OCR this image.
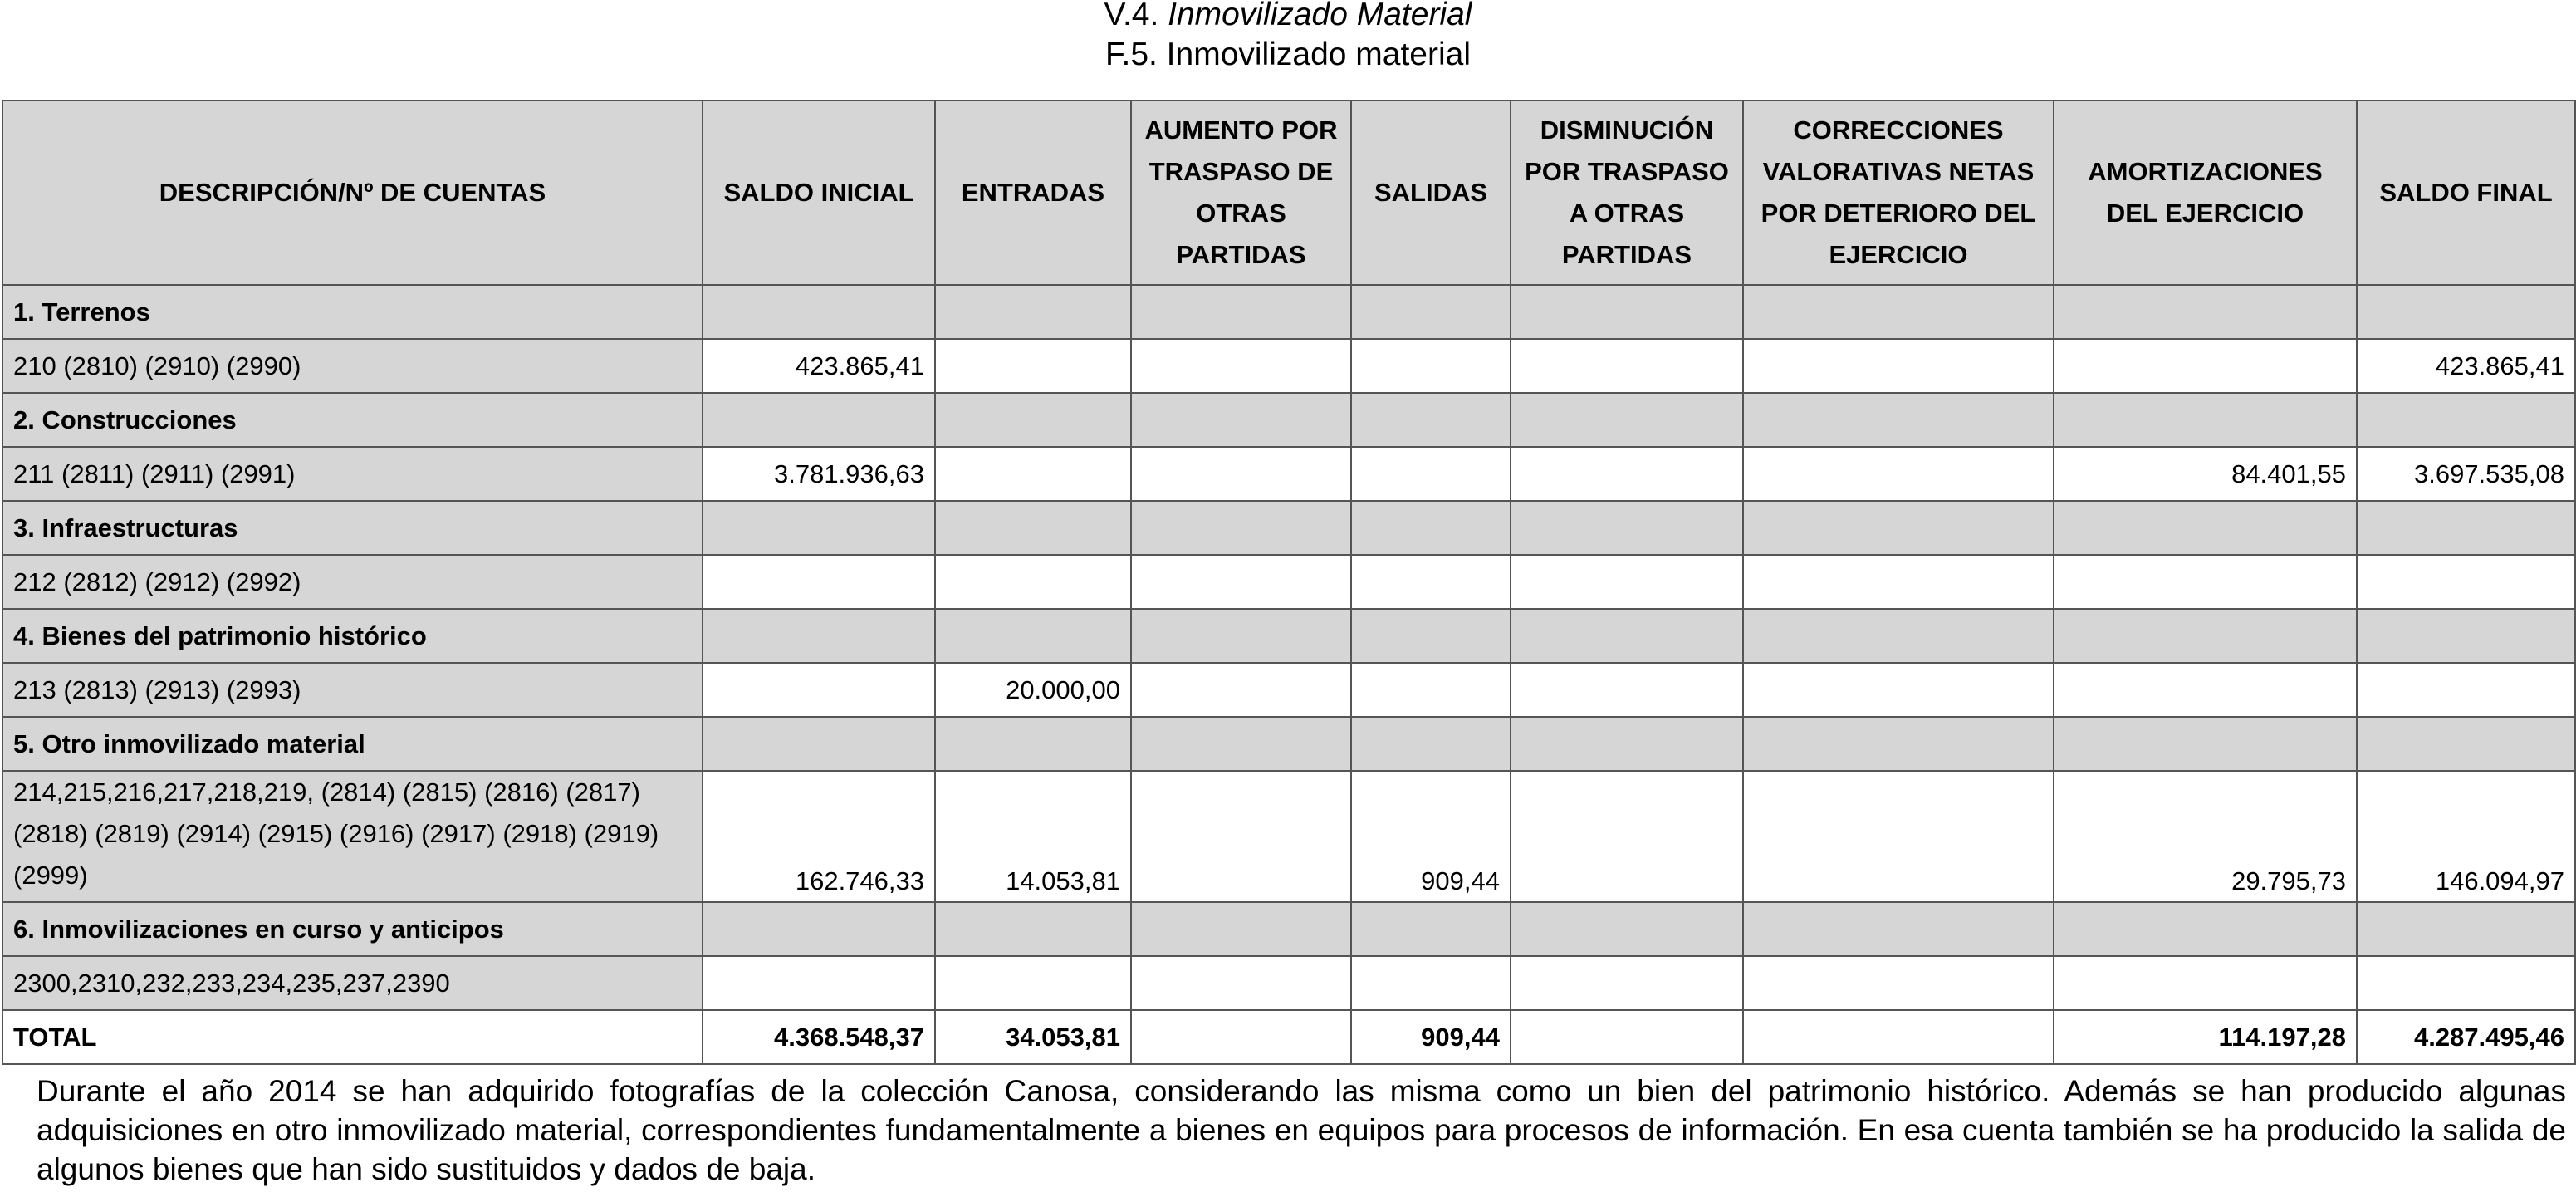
V.4. Inmovilizado Material
F.5. Inmovilizado material
DESCRIPCIÓN/Nº DE CUENTAS	SALDO INICIAL	ENTRADAS	AUMENTO POR TRASPASO DE OTRAS PARTIDAS	SALIDAS	DISMINUCIÓN POR TRASPASO A OTRAS PARTIDAS	CORRECCIONES VALORATIVAS NETAS POR DETERIORO DEL EJERCICIO	AMORTIZACIONES DEL EJERCICIO	SALDO FINAL
1. Terrenos								
210 (2810) (2910) (2990)	423.865,41							423.865,41
2. Construcciones								
211 (2811) (2911) (2991)	3.781.936,63						84.401,55	3.697.535,08
3. Infraestructuras								
212 (2812) (2912) (2992)								
4. Bienes del patrimonio histórico								
213 (2813) (2913) (2993)		20.000,00						
5. Otro inmovilizado material								
214,215,216,217,218,219, (2814) (2815) (2816) (2817) (2818) (2819) (2914) (2915) (2916) (2917) (2918) (2919) (2999)	162.746,33	14.053,81		909,44			29.795,73	146.094,97
6. Inmovilizaciones en curso y anticipos								
2300,2310,232,233,234,235,237,2390								
TOTAL	4.368.548,37	34.053,81		909,44			114.197,28	4.287.495,46
Durante el año 2014 se han adquirido fotografías de la colección Canosa, considerando las misma como un bien del patrimonio histórico. Además se han producido algunas adquisiciones en otro inmovilizado material, correspondientes fundamentalmente a bienes en equipos para procesos de información. En esa cuenta también se ha producido la salida de algunos bienes que han sido sustituidos y dados de baja.
